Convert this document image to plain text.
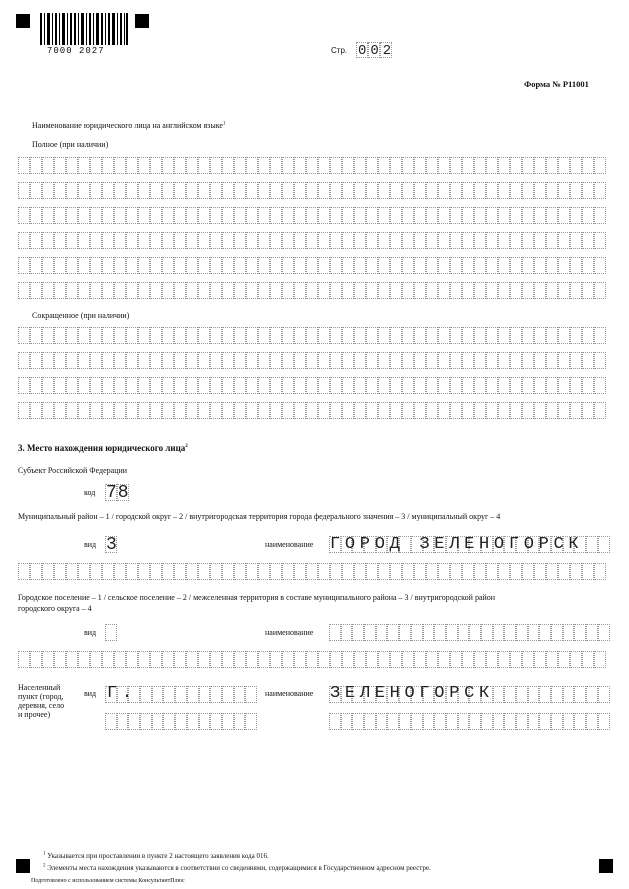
7000 2027	Стр. 002
Форма № Р11001
Наименование юридического лица на английском языке$^1$
Полное (при наличии)
Сокращенное (при наличии)
3. Место нахождения юридического лица$^2$
Субъект Российской Федерации
код 78
Муниципальный район – 1 / городской округ – 2 / внутригородская территория города федерального значения – 3 / муниципальный округ – 4
вид 3	наименование ГОРОД ЗЕЛЕНОГОРСК
Городское поселение – 1 / сельское поселение – 2 / межселенная территория в составе муниципального района – 3 / внутригородской район
городского округа – 4
вид	наименование
Населенный
пункт (город,
деревня, село
и прочее)
вид Г.	наименование ЗЕЛЕНОГОРСК
$^1$ Указывается при проставлении в пункте 2 настоящего заявления кода 016.
$^2$ Элементы места нахождения указываются в соответствии со сведениями, содержащимися в Государственном адресном реестре.
Подготовлено с использованием системы КонсультантПлюс
